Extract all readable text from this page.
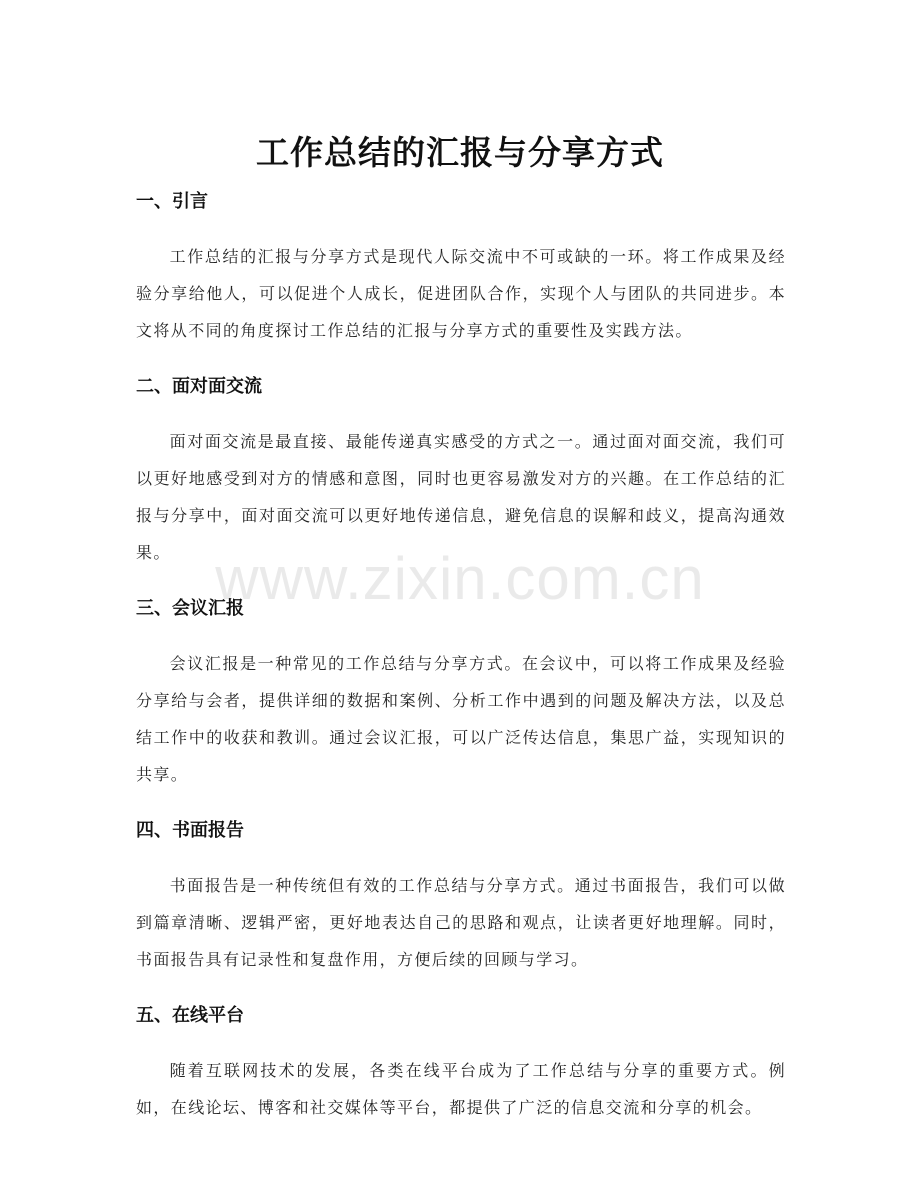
www.zixin.com.cn
工作总结的汇报与分享方式
一、引言

工作总结的汇报与分享方式是现代人际交流中不可或缺的一环。将工作成果及经验分享给他人，可以促进个人成长，促进团队合作，实现个人与团队的共同进步。本文将从不同的角度探讨工作总结的汇报与分享方式的重要性及实践方法。

二、面对面交流

面对面交流是最直接、最能传递真实感受的方式之一。通过面对面交流，我们可以更好地感受到对方的情感和意图，同时也更容易激发对方的兴趣。在工作总结的汇报与分享中，面对面交流可以更好地传递信息，避免信息的误解和歧义，提高沟通效果。

三、会议汇报

会议汇报是一种常见的工作总结与分享方式。在会议中，可以将工作成果及经验分享给与会者，提供详细的数据和案例、分析工作中遇到的问题及解决方法，以及总结工作中的收获和教训。通过会议汇报，可以广泛传达信息，集思广益，实现知识的共享。

四、书面报告

书面报告是一种传统但有效的工作总结与分享方式。通过书面报告，我们可以做到篇章清晰、逻辑严密，更好地表达自己的思路和观点，让读者更好地理解。同时，书面报告具有记录性和复盘作用，方便后续的回顾与学习。

五、在线平台

随着互联网技术的发展，各类在线平台成为了工作总结与分享的重要方式。例如，在线论坛、博客和社交媒体等平台，都提供了广泛的信息交流和分享的机会。
